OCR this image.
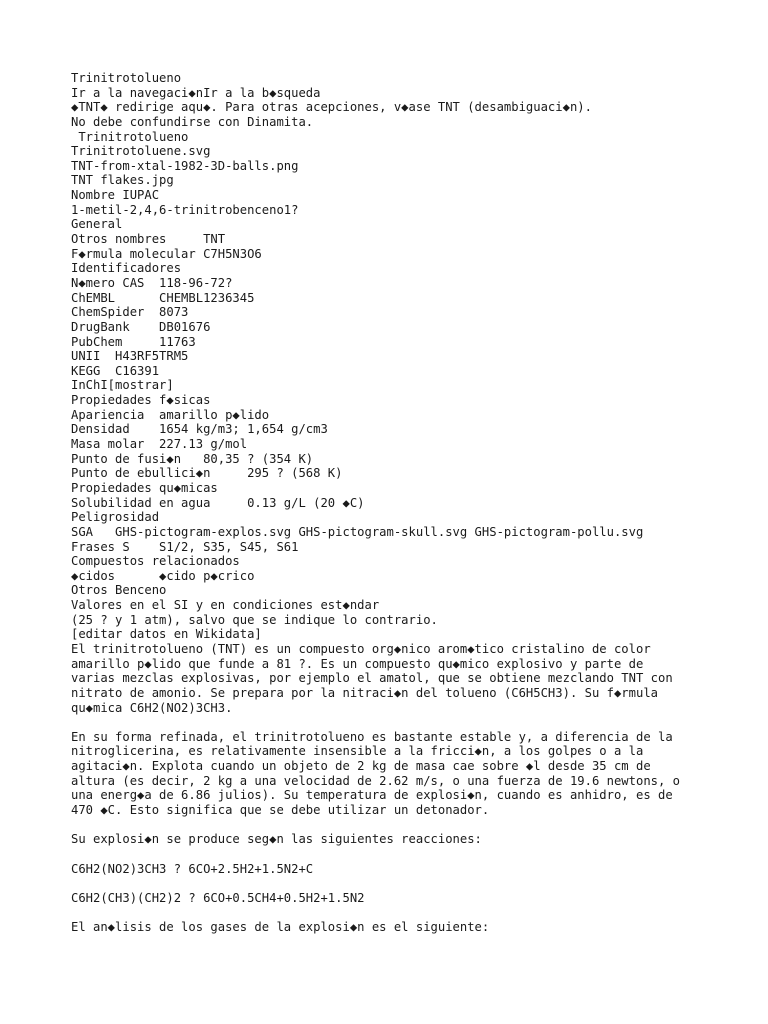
Trinitrotolueno
Ir a la navegaci◆nIr a la b◆squeda
◆TNT◆ redirige aqu◆. Para otras acepciones, v◆ase TNT (desambiguaci◆n).
No debe confundirse con Dinamita.
Trinitrotolueno
Trinitrotoluene.svg
TNT-from-xtal-1982-3D-balls.png
TNT flakes.jpg
Nombre IUPAC
1-metil-2,4,6-trinitrobenceno1?
General
Otros nombres     TNT
F◆rmula molecular C7H5N3O6
Identificadores
N◆mero CAS  118-96-72?
ChEMBL      CHEMBL1236345
ChemSpider  8073
DrugBank    DB01676
PubChem     11763
UNII  H43RF5TRM5
KEGG  C16391
InChI[mostrar]
Propiedades f◆sicas
Apariencia  amarillo p◆lido
Densidad    1654 kg/m3; 1,654 g/cm3
Masa molar  227.13 g/mol
Punto de fusi◆n   80,35 ? (354 K)
Punto de ebullici◆n     295 ? (568 K)
Propiedades qu◆micas
Solubilidad en agua     0.13 g/L (20 ◆C)
Peligrosidad
SGA   GHS-pictogram-explos.svg GHS-pictogram-skull.svg GHS-pictogram-pollu.svg
Frases S    S1/2, S35, S45, S61
Compuestos relacionados
◆cidos      ◆cido p◆crico
Otros Benceno
Valores en el SI y en condiciones est◆ndar
(25 ? y 1 atm), salvo que se indique lo contrario.
[editar datos en Wikidata]
El trinitrotolueno (TNT) es un compuesto org◆nico arom◆tico cristalino de color
amarillo p◆lido que funde a 81 ?. Es un compuesto qu◆mico explosivo y parte de
varias mezclas explosivas, por ejemplo el amatol, que se obtiene mezclando TNT con
nitrato de amonio. Se prepara por la nitraci◆n del tolueno (C6H5CH3). Su f◆rmula
qu◆mica C6H2(NO2)3CH3.
En su forma refinada, el trinitrotolueno es bastante estable y, a diferencia de la
nitroglicerina, es relativamente insensible a la fricci◆n, a los golpes o a la
agitaci◆n. Explota cuando un objeto de 2 kg de masa cae sobre ◆l desde 35 cm de
altura (es decir, 2 kg a una velocidad de 2.62 m/s, o una fuerza de 19.6 newtons, o
una energ◆a de 6.86 julios). Su temperatura de explosi◆n, cuando es anhidro, es de
470 ◆C. Esto significa que se debe utilizar un detonador.
Su explosi◆n se produce seg◆n las siguientes reacciones:
C6H2(NO2)3CH3 ? 6CO+2.5H2+1.5N2+C
C6H2(CH3)(CH2)2 ? 6CO+0.5CH4+0.5H2+1.5N2
El an◆lisis de los gases de la explosi◆n es el siguiente:
